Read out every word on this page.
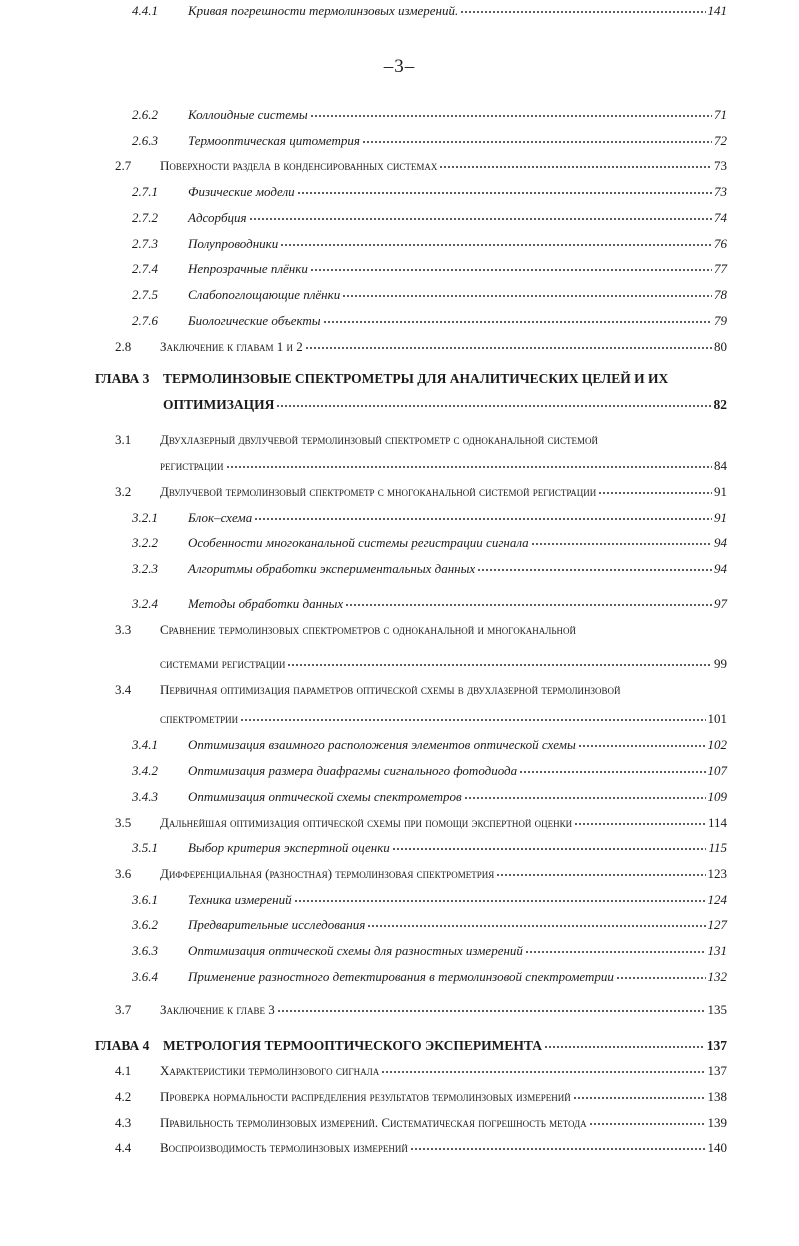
–3–
2.6.2 Коллоидные системы	71
2.6.3 Термооптическая цитометрия	72
2.7 Поверхности раздела в конденсированных системах	73
2.7.1 Физические модели	73
2.7.2 Адсорбция	74
2.7.3 Полупроводники	76
2.7.4 Непрозрачные плёнки	77
2.7.5 Слабопоглощающие плёнки	78
2.7.6 Биологические объекты	79
2.8 Заключение к главам 1 и 2	80
ГЛАВА 3 ТЕРМОЛИНЗОВЫЕ СПЕКТРОМЕТРЫ ДЛЯ АНАЛИТИЧЕСКИХ ЦЕЛЕЙ И ИХ
ОПТИМИЗАЦИЯ	82
3.1 Двухлазерный двулучевой термолинзовый спектрометр с одноканальной системой
регистрации	84
3.2 Двулучевой термолинзовый спектрометр с многоканальной системой регистрации	91
3.2.1 Блок–схема	91
3.2.2 Особенности многоканальной системы регистрации сигнала	94
3.2.3 Алгоритмы обработки экспериментальных данных	94
3.2.4 Методы обработки данных	97
3.3 Сравнение термолинзовых спектрометров с одноканальной и многоканальной
системами регистрации	99
3.4 Первичная оптимизация параметров оптической схемы в двухлазерной термолинзовой
спектрометрии	101
3.4.1 Оптимизация взаимного расположения элементов оптической схемы	102
3.4.2 Оптимизация размера диафрагмы сигнального фотодиода	107
3.4.3 Оптимизация оптической схемы спектрометров	109
3.5 Дальнейшая оптимизация оптической схемы при помощи экспертной оценки	114
3.5.1 Выбор критерия экспертной оценки	115
3.6 Дифференциальная (разностная) термолинзовая спектрометрия	123
3.6.1 Техника измерений	124
3.6.2 Предварительные исследования	127
3.6.3 Оптимизация оптической схемы для разностных измерений	131
3.6.4 Применение разностного детектирования в термолинзовой спектрометрии	132
3.7 Заключение к главе 3	135
ГЛАВА 4 МЕТРОЛОГИЯ ТЕРМООПТИЧЕСКОГО ЭКСПЕРИМЕНТА	137
4.1 Характеристики термолинзового сигнала	137
4.2 Проверка нормальности распределения результатов термолинзовых измерений	138
4.3 Правильность термолинзовых измерений. Систематическая погрешность метода	139
4.4 Воспроизводимость термолинзовых измерений	140
4.4.1 Кривая погрешности термолинзовых измерений.	141
